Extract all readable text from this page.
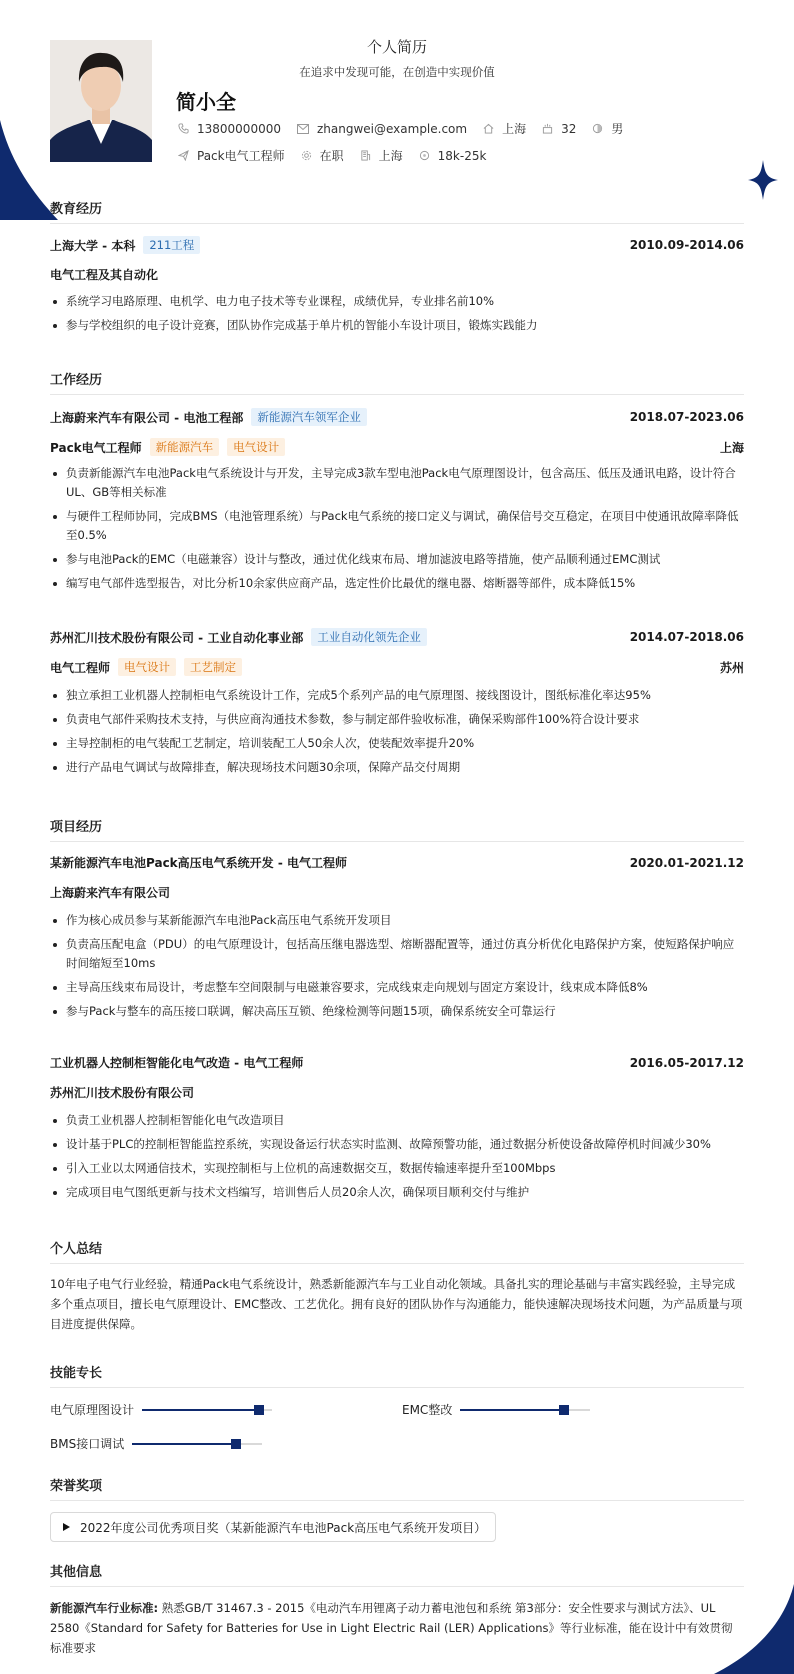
个人简历
在追求中发现可能，在创造中实现价值
简小全
13800000000	zhangwei@example.com	上海	32	男
Pack电气工程师	在职	上海	18k-25k
教育经历
上海大学 - 本科	211工程	2010.09-2014.06
电气工程及其自动化
系统学习电路原理、电机学、电力电子技术等专业课程，成绩优异，专业排名前10%
参与学校组织的电子设计竞赛，团队协作完成基于单片机的智能小车设计项目，锻炼实践能力
工作经历
上海蔚来汽车有限公司 - 电池工程部	新能源汽车领军企业	2018.07-2023.06
Pack电气工程师	新能源汽车	电气设计	上海
负责新能源汽车电池Pack电气系统设计与开发，主导完成3款车型电池Pack电气原理图设计，包含高压、低压及通讯电路，设计符合UL、GB等相关标准
与硬件工程师协同，完成BMS（电池管理系统）与Pack电气系统的接口定义与调试，确保信号交互稳定，在项目中使通讯故障率降低至0.5%
参与电池Pack的EMC（电磁兼容）设计与整改，通过优化线束布局、增加滤波电路等措施，使产品顺利通过EMC测试
编写电气部件选型报告，对比分析10余家供应商产品，选定性价比最优的继电器、熔断器等部件，成本降低15%
苏州汇川技术股份有限公司 - 工业自动化事业部	工业自动化领先企业	2014.07-2018.06
电气工程师	电气设计	工艺制定	苏州
独立承担工业机器人控制柜电气系统设计工作，完成5个系列产品的电气原理图、接线图设计，图纸标准化率达95%
负责电气部件采购技术支持，与供应商沟通技术参数，参与制定部件验收标准，确保采购部件100%符合设计要求
主导控制柜的电气装配工艺制定，培训装配工人50余人次，使装配效率提升20%
进行产品电气调试与故障排查，解决现场技术问题30余项，保障产品交付周期
项目经历
某新能源汽车电池Pack高压电气系统开发 - 电气工程师	2020.01-2021.12
上海蔚来汽车有限公司
作为核心成员参与某新能源汽车电池Pack高压电气系统开发项目
负责高压配电盒（PDU）的电气原理设计，包括高压继电器选型、熔断器配置等，通过仿真分析优化电路保护方案，使短路保护响应时间缩短至10ms
主导高压线束布局设计，考虑整车空间限制与电磁兼容要求，完成线束走向规划与固定方案设计，线束成本降低8%
参与Pack与整车的高压接口联调，解决高压互锁、绝缘检测等问题15项，确保系统安全可靠运行
工业机器人控制柜智能化电气改造 - 电气工程师	2016.05-2017.12
苏州汇川技术股份有限公司
负责工业机器人控制柜智能化电气改造项目
设计基于PLC的控制柜智能监控系统，实现设备运行状态实时监测、故障预警功能，通过数据分析使设备故障停机时间减少30%
引入工业以太网通信技术，实现控制柜与上位机的高速数据交互，数据传输速率提升至100Mbps
完成项目电气图纸更新与技术文档编写，培训售后人员20余人次，确保项目顺利交付与维护
个人总结
10年电子电气行业经验，精通Pack电气系统设计，熟悉新能源汽车与工业自动化领域。具备扎实的理论基础与丰富实践经验，主导完成多个重点项目，擅长电气原理设计、EMC整改、工艺优化。拥有良好的团队协作与沟通能力，能快速解决现场技术问题，为产品质量与项目进度提供保障。
技能专长
电气原理图设计	EMC整改
BMS接口调试
荣誉奖项
2022年度公司优秀项目奖（某新能源汽车电池Pack高压电气系统开发项目）
其他信息
新能源汽车行业标准: 熟悉GB/T 31467.3 - 2015《电动汽车用锂离子动力蓄电池包和系统 第3部分：安全性要求与测试方法》、UL 2580《Standard for Safety for Batteries for Use in Light Electric Rail (LER) Applications》等行业标准，能在设计中有效贯彻标准要求
